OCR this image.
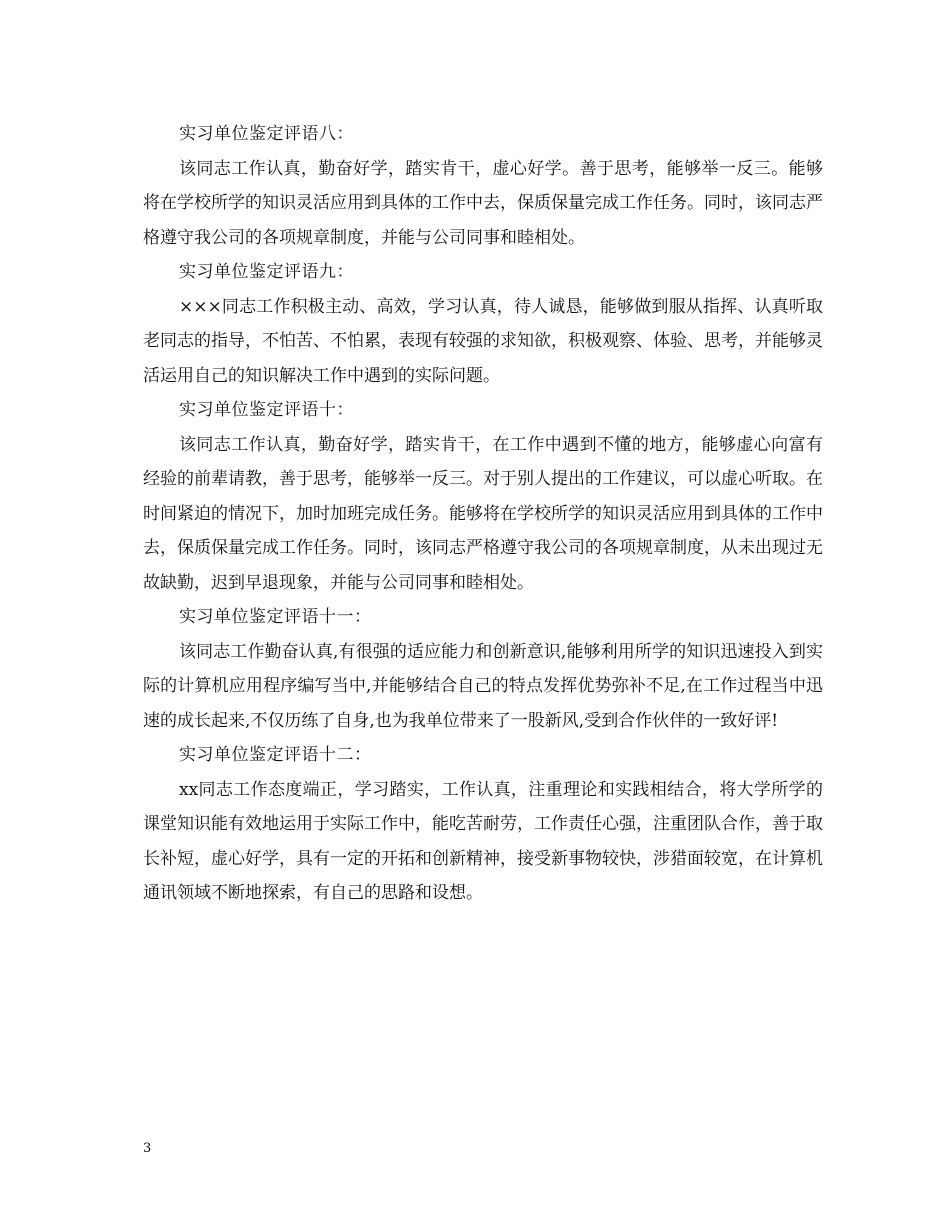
实习单位鉴定评语八：

该同志工作认真，勤奋好学，踏实肯干，虚心好学。善于思考，能够举一反三。能够将在学校所学的知识灵活应用到具体的工作中去，保质保量完成工作任务。同时，该同志严格遵守我公司的各项规章制度，并能与公司同事和睦相处。

实习单位鉴定评语九：

×××同志工作积极主动、高效，学习认真，待人诚恳，能够做到服从指挥、认真听取老同志的指导，不怕苦、不怕累，表现有较强的求知欲，积极观察、体验、思考，并能够灵活运用自己的知识解决工作中遇到的实际问题。

实习单位鉴定评语十：

该同志工作认真，勤奋好学，踏实肯干，在工作中遇到不懂的地方，能够虚心向富有经验的前辈请教，善于思考，能够举一反三。对于别人提出的工作建议，可以虚心听取。在时间紧迫的情况下，加时加班完成任务。能够将在学校所学的知识灵活应用到具体的工作中去，保质保量完成工作任务。同时，该同志严格遵守我公司的各项规章制度，从未出现过无故缺勤，迟到早退现象，并能与公司同事和睦相处。

实习单位鉴定评语十一：

该同志工作勤奋认真,有很强的适应能力和创新意识,能够利用所学的知识迅速投入到实际的计算机应用程序编写当中,并能够结合自己的特点发挥优势弥补不足,在工作过程当中迅速的成长起来,不仅历练了自身,也为我单位带来了一股新风,受到合作伙伴的一致好评!

实习单位鉴定评语十二：

xx同志工作态度端正，学习踏实，工作认真，注重理论和实践相结合，将大学所学的课堂知识能有效地运用于实际工作中，能吃苦耐劳，工作责任心强，注重团队合作，善于取长补短，虚心好学，具有一定的开拓和创新精神，接受新事物较快，涉猎面较宽，在计算机通讯领域不断地探索，有自己的思路和设想。

3
